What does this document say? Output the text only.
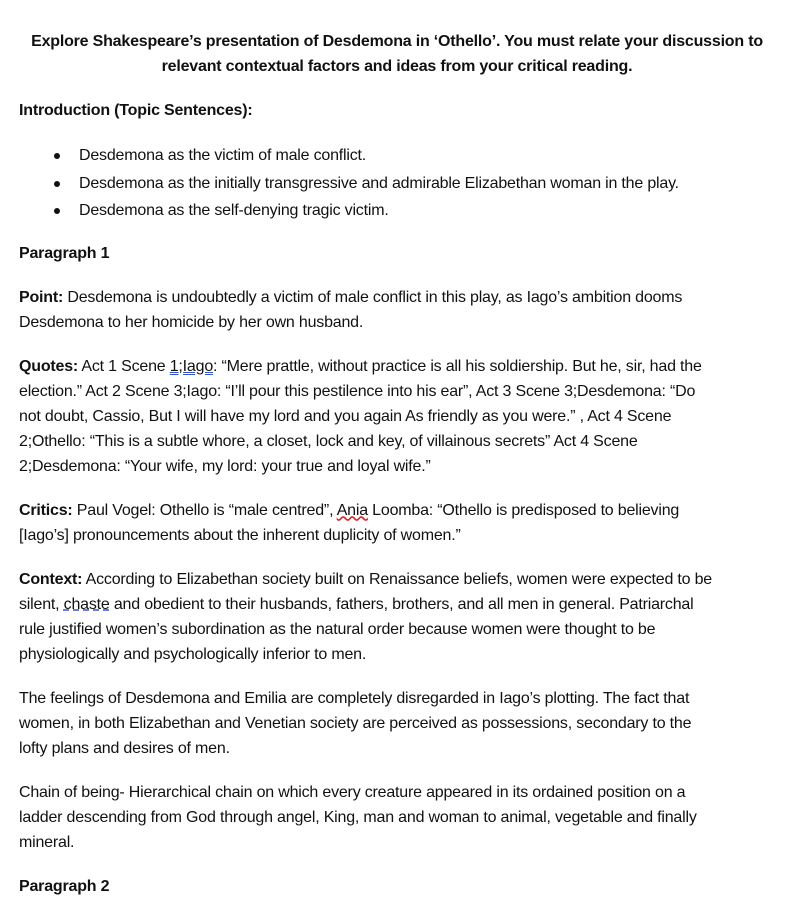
Explore Shakespeare’s presentation of Desdemona in ‘Othello’. You must relate your discussion to
relevant contextual factors and ideas from your critical reading.
Introduction (Topic Sentences):
Desdemona as the victim of male conflict.
Desdemona as the initially transgressive and admirable Elizabethan woman in the play.
Desdemona as the self-denying tragic victim.
Paragraph 1
Point: Desdemona is undoubtedly a victim of male conflict in this play, as Iago’s ambition dooms
Desdemona to her homicide by her own husband.
Quotes: Act 1 Scene 1;Iago: “Mere prattle, without practice is all his soldiership. But he, sir, had the
election.” Act 2 Scene 3;Iago: “I’ll pour this pestilence into his ear”, Act 3 Scene 3;Desdemona: “Do
not doubt, Cassio, But I will have my lord and you again As friendly as you were.” , Act 4 Scene
2;Othello: “This is a subtle whore, a closet, lock and key, of villainous secrets” Act 4 Scene
2;Desdemona: “Your wife, my lord: your true and loyal wife.”
Critics: Paul Vogel: Othello is “male centred”, Ania Loomba: “Othello is predisposed to believing
[Iago’s] pronouncements about the inherent duplicity of women.”
Context: According to Elizabethan society built on Renaissance beliefs, women were expected to be
silent, chaste and obedient to their husbands, fathers, brothers, and all men in general. Patriarchal
rule justified women’s subordination as the natural order because women were thought to be
physiologically and psychologically inferior to men.
The feelings of Desdemona and Emilia are completely disregarded in Iago’s plotting. The fact that
women, in both Elizabethan and Venetian society are perceived as possessions, secondary to the
lofty plans and desires of men.
Chain of being- Hierarchical chain on which every creature appeared in its ordained position on a
ladder descending from God through angel, King, man and woman to animal, vegetable and finally
mineral.
Paragraph 2
